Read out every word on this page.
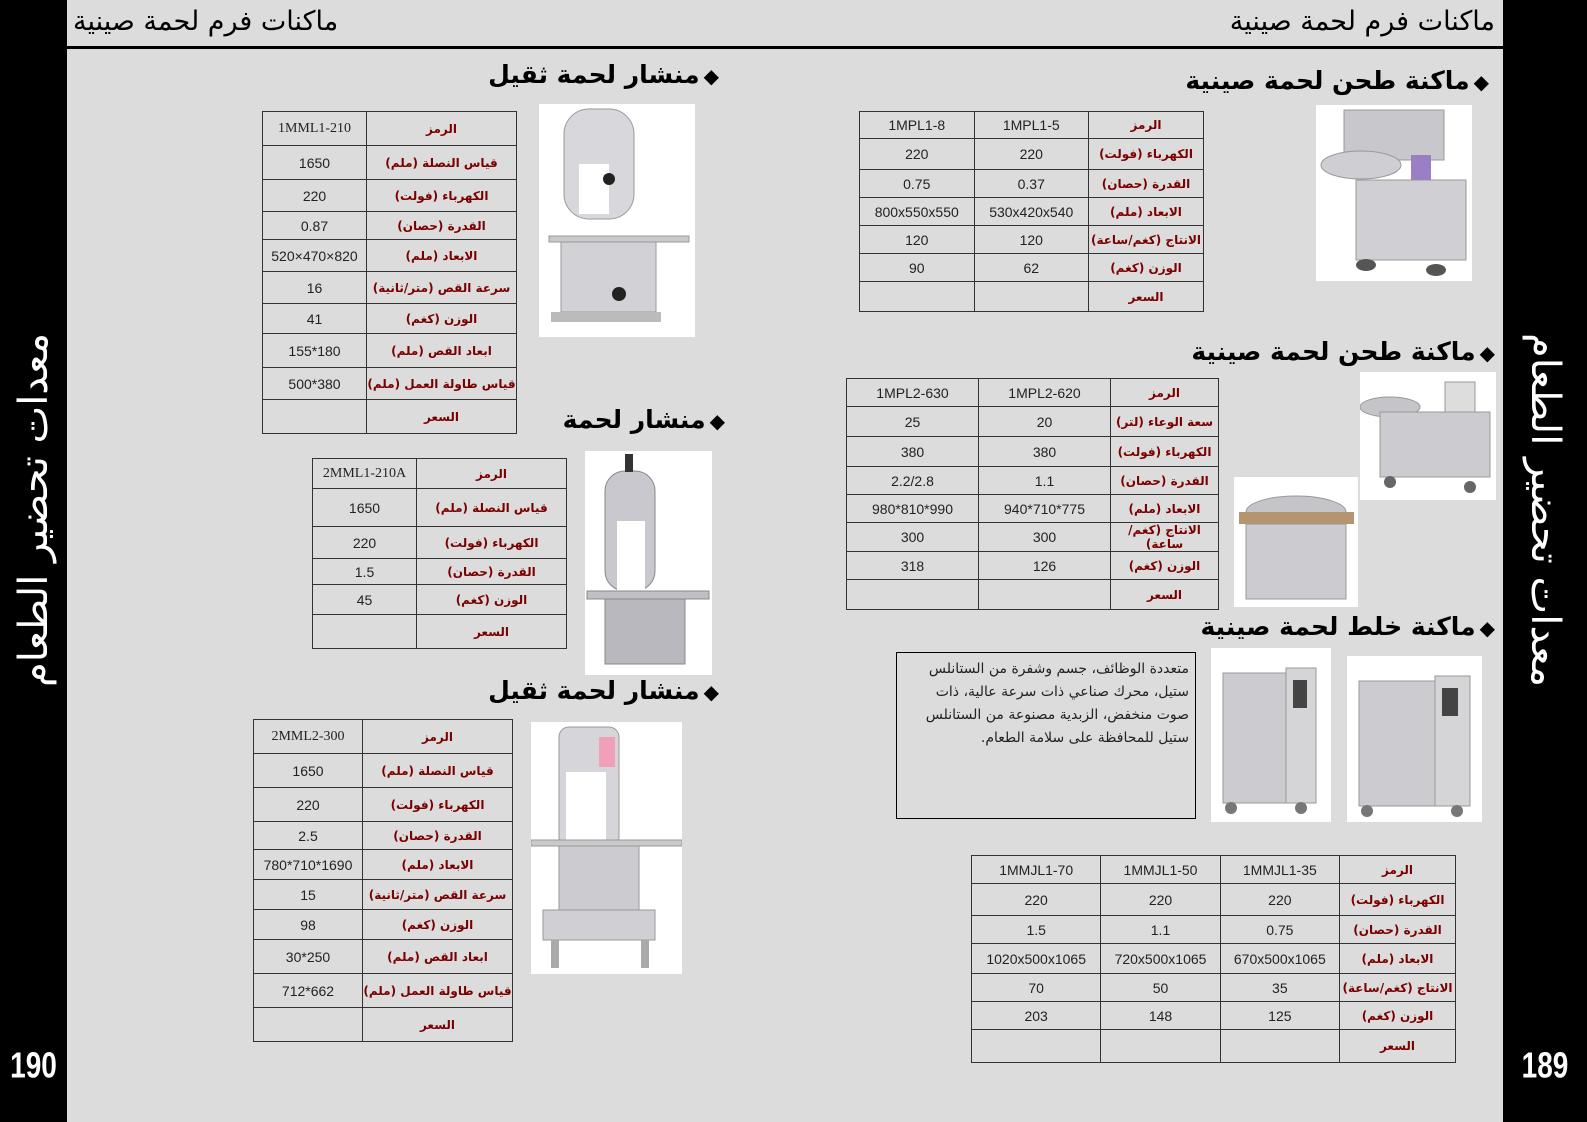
معدات تحضير الطعام
190
معدات تحضير الطعام
189
ماكنات فرم لحمة صينية	ماكنات فرم لحمة صينية
◆منشار لحمة ثقيل
الرمز	1MML1-210
قياس النصلة (ملم)	1650
الكهرباء (فولت)	220
القدرة (حصان)	0.87
الابعاد (ملم)	820×470×520
سرعة القص (متر/ثانية)	16
الوزن (كغم)	41
ابعاد القص (ملم)	180*155
قياس طاولة العمل (ملم)	380*500
السعر		◆منشار لحمة
الرمز	2MML1-210A
قياس النصلة (ملم)	1650
الكهرباء (فولت)	220
القدرة (حصان)	1.5
الوزن (كغم)	45
السعر	
◆منشار لحمة ثقيل
الرمز	2MML2-300
قياس النصلة (ملم)	1650
الكهرباء (فولت)	220
القدرة (حصان)	2.5
الابعاد (ملم)	1690*710*780
سرعة القص (متر/ثانية)	15
الوزن (كغم)	98
ابعاد القص (ملم)	250*30
قياس طاولة العمل (ملم)	662*712
السعر	
◆ماكنة طحن لحمة صينية
الرمز	1MPL1-5	1MPL1-8
الكهرباء (فولت)	220	220
القدرة (حصان)	0.37	0.75
الابعاد (ملم)	530x420x540	800x550x550
الانتاج (كغم/ساعة)	120	120
الوزن (كغم)	62	90
السعر		
◆ماكنة طحن لحمة صينية
الرمز	1MPL2-620	1MPL2-630
سعة الوعاء (لتر)	20	25
الكهرباء (فولت)	380	380
القدرة (حصان)	1.1	2.2/2.8
الابعاد (ملم)	775*710*940	990*810*980
الانتاج (كغم/ساعة)	300	300
الوزن (كغم)	126	318
السعر		
◆ماكنة خلط لحمة صينية
متعددة الوظائف، جسم وشفرة من الستانلس ستيل، محرك صناعي ذات سرعة عالية، ذات صوت منخفض، الزبدية مصنوعة من الستانلس ستيل للمحافظة على سلامة الطعام.
الرمز	1MMJL1-35	1MMJL1-50	1MMJL1-70
الكهرباء (فولت)	220	220	220
القدرة (حصان)	0.75	1.1	1.5
الابعاد (ملم)	670x500x1065	720x500x1065	1020x500x1065
الانتاج (كغم/ساعة)	35	50	70
الوزن (كغم)	125	148	203
السعر			
